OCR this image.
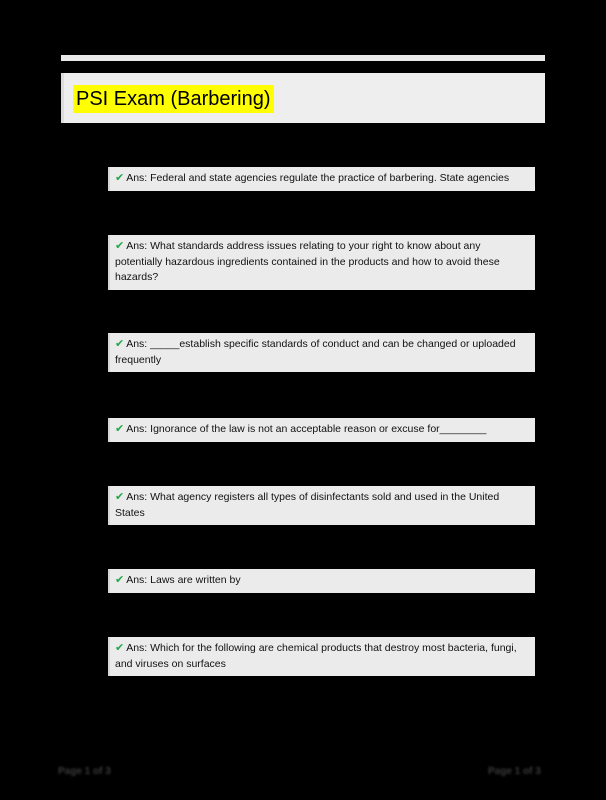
PSI Exam (Barbering)
✔ Ans: Federal and state agencies regulate the practice of barbering. State agencies
✔ Ans: What standards address issues relating to your right to know about any potentially hazardous ingredients contained in the products and how to avoid these hazards?
✔ Ans: _____establish specific standards of conduct and can be changed or uploaded frequently
✔ Ans: Ignorance of the law is not an acceptable reason or excuse for________
✔ Ans: What agency registers all types of disinfectants sold and used in the United States
✔ Ans: Laws are written by
✔ Ans: Which for the following are chemical products that destroy most bacteria, fungi, and viruses on surfaces
Page 1 of 3	Page 1 of 3
